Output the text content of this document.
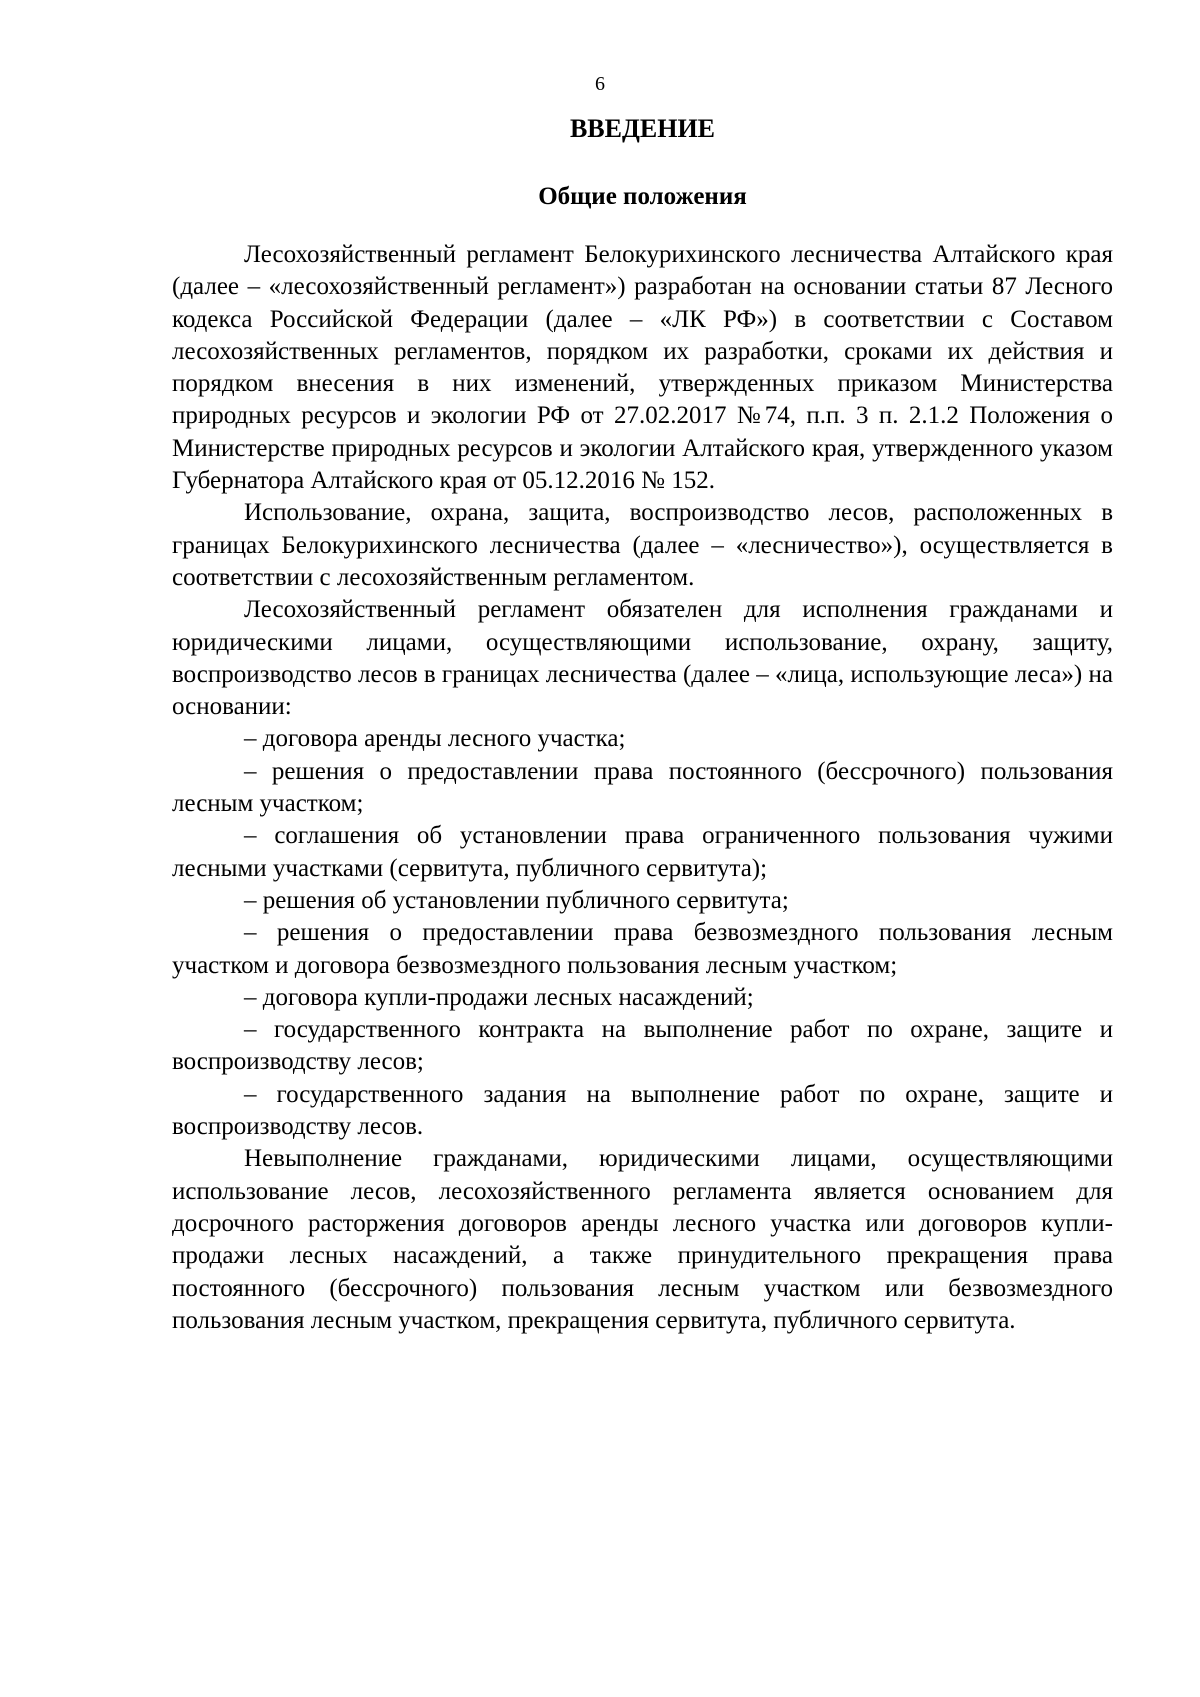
6
ВВЕДЕНИЕ
Общие положения

Лесохозяйственный регламент Белокурихинского лесничества Алтайского края (далее – «лесохозяйственный регламент») разработан на основании статьи 87 Лесного кодекса Российской Федерации (далее – «ЛК РФ») в соответствии с Составом лесохозяйственных регламентов, порядком их разработки, сроками их действия и порядком внесения в них изменений, утвержденных приказом Министерства природных ресурсов и экологии РФ от 27.02.2017 №74, п.п. 3 п. 2.1.2 Положения о Министерстве природных ресурсов и экологии Алтайского края, утвержденного указом Губернатора Алтайского края от 05.12.2016 № 152.

Использование, охрана, защита, воспроизводство лесов, расположенных в границах Белокурихинского лесничества (далее – «лесничество»), осуществляется в соответствии с лесохозяйственным регламентом.

Лесохозяйственный регламент обязателен для исполнения гражданами и юридическими лицами, осуществляющими использование, охрану, защиту, воспроизводство лесов в границах лесничества (далее – «лица, использующие леса») на основании:

– договора аренды лесного участка;

– решения о предоставлении права постоянного (бессрочного) пользования лесным участком;

– соглашения об установлении права ограниченного пользования чужими лесными участками (сервитута, публичного сервитута);

– решения об установлении публичного сервитута;

– решения о предоставлении права безвозмездного пользования лесным участком и договора безвозмездного пользования лесным участком;

– договора купли-продажи лесных насаждений;

– государственного контракта на выполнение работ по охране, защите и воспроизводству лесов;

– государственного задания на выполнение работ по охране, защите и воспроизводству лесов.

Невыполнение гражданами, юридическими лицами, осуществляющими использование лесов, лесохозяйственного регламента является основанием для досрочного расторжения договоров аренды лесного участка или договоров купли-продажи лесных насаждений, а также принудительного прекращения права постоянного (бессрочного) пользования лесным участком или безвозмездного пользования лесным участком, прекращения сервитута, публичного сервитута.
